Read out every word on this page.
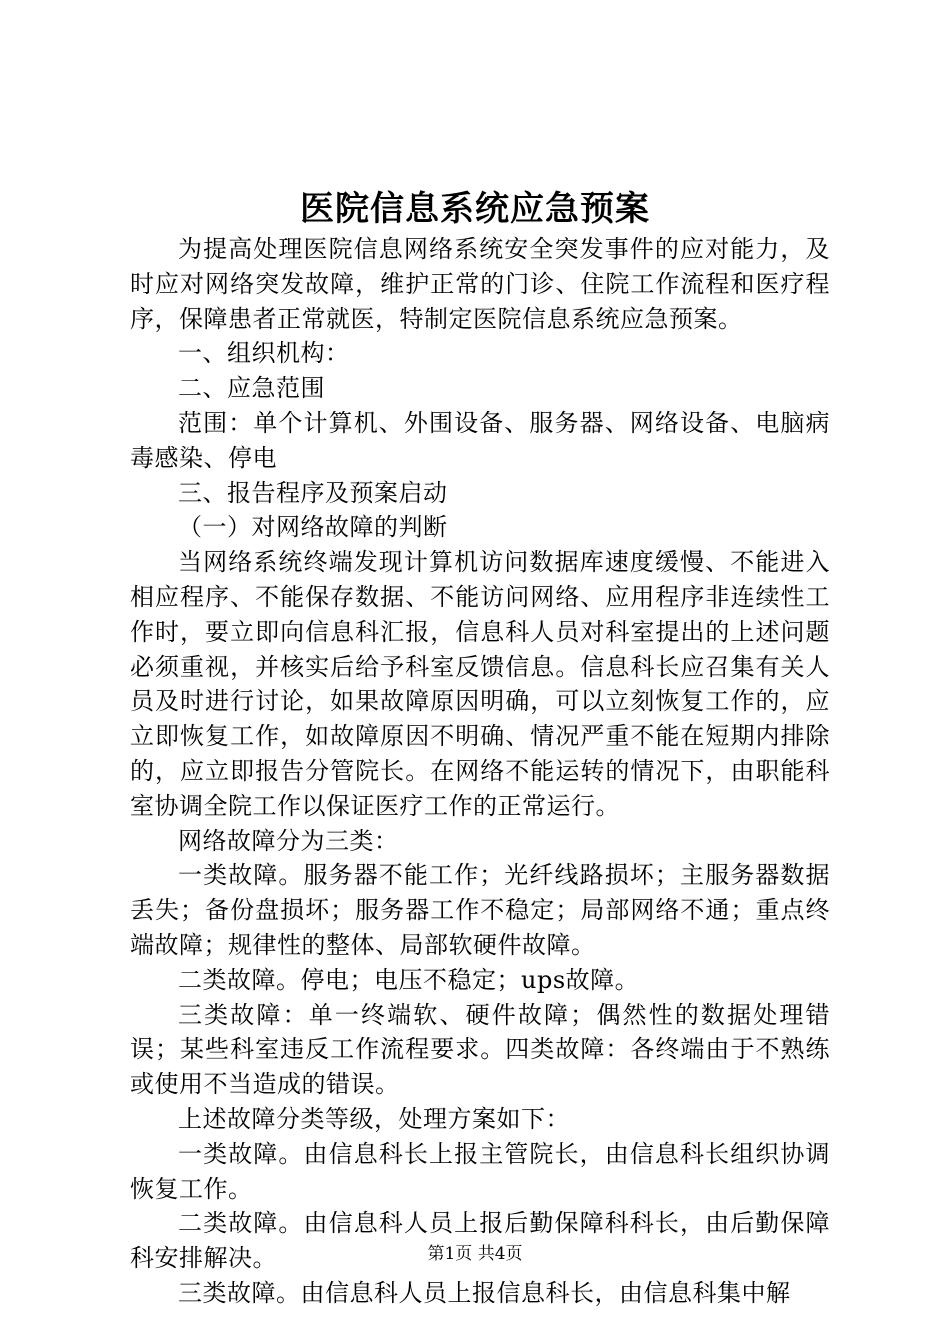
医院信息系统应急预案

为提高处理医院信息网络系统安全突发事件的应对能力，及时应对网络突发故障，维护正常的门诊、住院工作流程和医疗程序，保障患者正常就医，特制定医院信息系统应急预案。

一、组织机构：

二、应急范围

范围：单个计算机、外围设备、服务器、网络设备、电脑病毒感染、停电

三、报告程序及预案启动

（一）对网络故障的判断

当网络系统终端发现计算机访问数据库速度缓慢、不能进入相应程序、不能保存数据、不能访问网络、应用程序非连续性工作时，要立即向信息科汇报，信息科人员对科室提出的上述问题必须重视，并核实后给予科室反馈信息。信息科长应召集有关人员及时进行讨论，如果故障原因明确，可以立刻恢复工作的，应立即恢复工作，如故障原因不明确、情况严重不能在短期内排除的，应立即报告分管院长。在网络不能运转的情况下，由职能科室协调全院工作以保证医疗工作的正常运行。

网络故障分为三类：

一类故障。服务器不能工作；光纤线路损坏；主服务器数据丢失；备份盘损坏；服务器工作不稳定；局部网络不通；重点终端故障；规律性的整体、局部软硬件故障。

二类故障。停电；电压不稳定；ups故障。

三类故障：单一终端软、硬件故障；偶然性的数据处理错误；某些科室违反工作流程要求。四类故障：各终端由于不熟练或使用不当造成的错误。

上述故障分类等级，处理方案如下：

一类故障。由信息科长上报主管院长，由信息科长组织协调恢复工作。

二类故障。由信息科人员上报后勤保障科科长，由后勤保障科安排解决。

三类故障。由信息科人员上报信息科长，由信息科集中解

第1页 共4页
